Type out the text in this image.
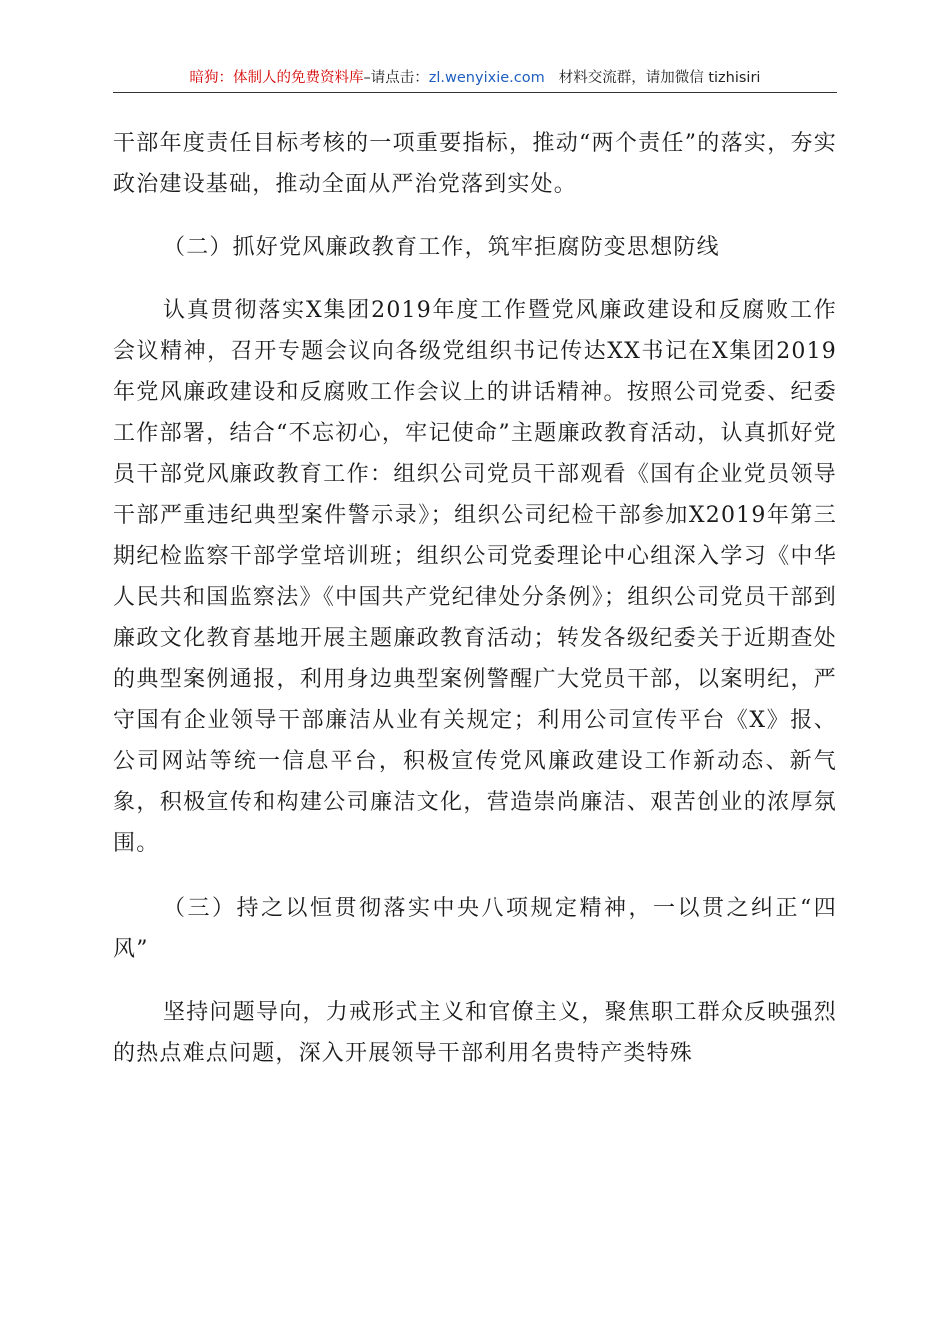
暗狗：体制人的免费资料库–请点击：zl.wenyixie.com 材料交流群，请加微信 tizhisiri

干部年度责任目标考核的一项重要指标，推动“两个责任”的落实，夯实政治建设基础，推动全面从严治党落到实处。

（二）抓好党风廉政教育工作，筑牢拒腐防变思想防线

认真贯彻落实X集团2019年度工作暨党风廉政建设和反腐败工作会议精神，召开专题会议向各级党组织书记传达XX书记在X集团2019年党风廉政建设和反腐败工作会议上的讲话精神。按照公司党委、纪委工作部署，结合“不忘初心，牢记使命”主题廉政教育活动，认真抓好党员干部党风廉政教育工作：组织公司党员干部观看《国有企业党员领导干部严重违纪典型案件警示录》；组织公司纪检干部参加X2019年第三期纪检监察干部学堂培训班；组织公司党委理论中心组深入学习《中华人民共和国监察法》《中国共产党纪律处分条例》；组织公司党员干部到廉政文化教育基地开展主题廉政教育活动；转发各级纪委关于近期查处的典型案例通报，利用身边典型案例警醒广大党员干部，以案明纪，严守国有企业领导干部廉洁从业有关规定；利用公司宣传平台《X》报、公司网站等统一信息平台，积极宣传党风廉政建设工作新动态、新气象，积极宣传和构建公司廉洁文化，营造崇尚廉洁、艰苦创业的浓厚氛围。

（三）持之以恒贯彻落实中央八项规定精神，一以贯之纠正“四风”

坚持问题导向，力戒形式主义和官僚主义，聚焦职工群众反映强烈的热点难点问题，深入开展领导干部利用名贵特产类特殊
